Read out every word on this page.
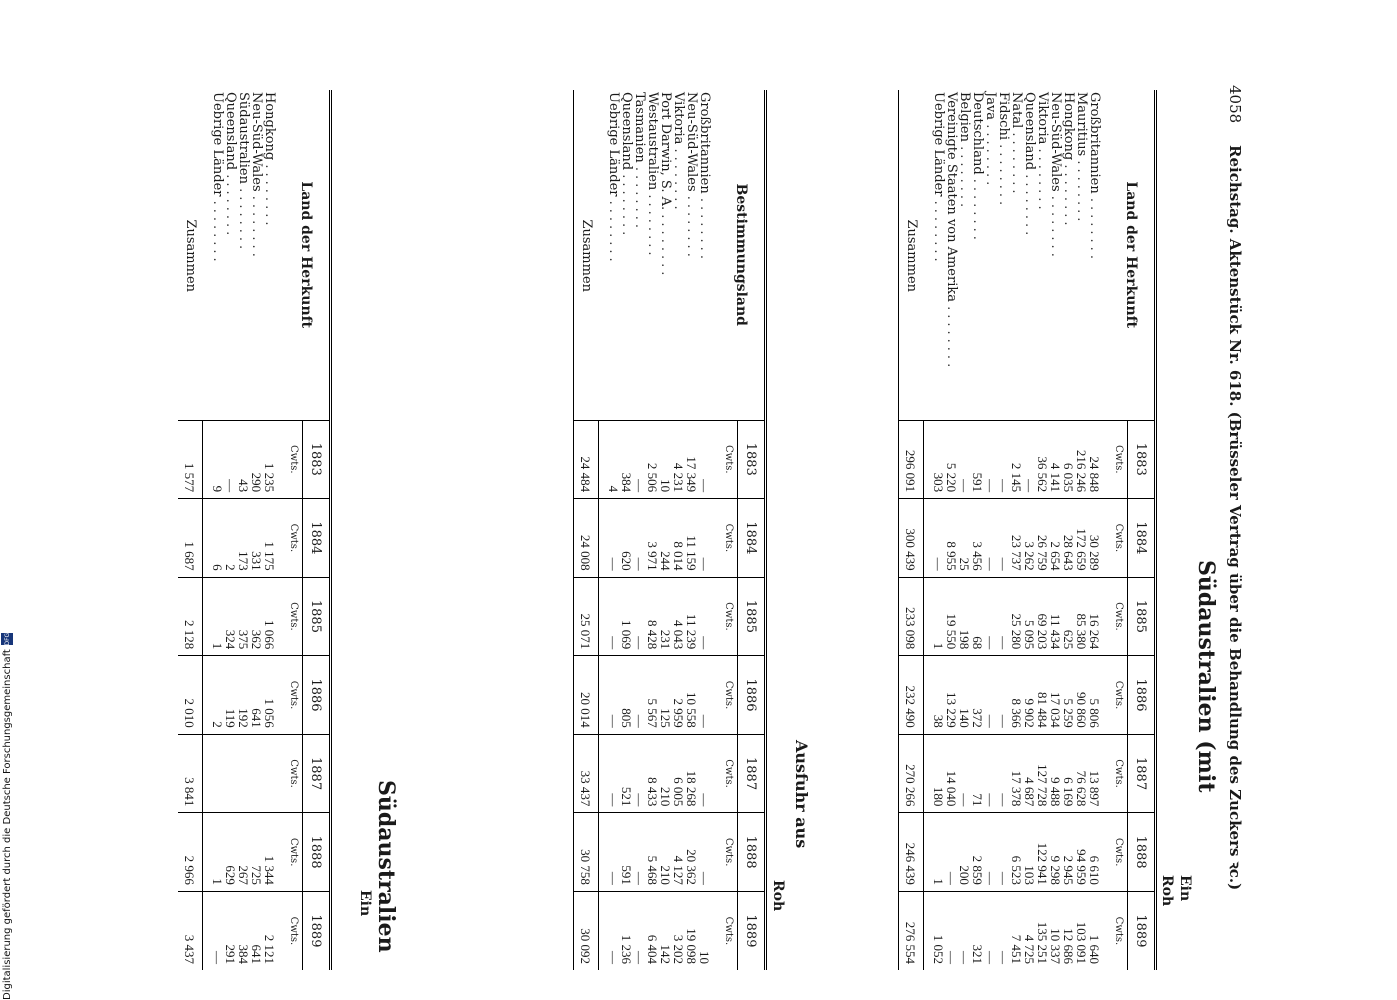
4058
Reichstag. Aktenstück Nr. 618. (Brüsseler Vertrag über die Behandlung des Zuckers ꝛc.)
Südaustralien (mit
Ein
Roh
Land der Herkunft	1883	1884	1885	1886	1887	1888	1889
	Cwts.	Cwts.	Cwts.	Cwts.	Cwts.	Cwts.	Cwts.

Großbritannien ........	24 848	30 289	16 264	5 806	13 897	6 610	1 640
Mauritius ........	216 246	172 659	85 380	90 860	76 628	94 959	103 091
Hongkong ........	6 035	28 643	625	5 259	6 169	2 945	12 686
Neu-Süd-Wales ........	4 141	2 654	11 434	17 034	9 488	9 298	10 337
Viktoria ........	36 562	26 759	69 203	81 484	127 728	122 941	135 251
Queensland ........	—	3 262	5 095	9 902	4 687	103	4 725
Natal ........	2 145	23 737	25 280	8 366	17 378	6 523	7 451
Fidschi ........	—	—	—	—	—	—	—
Java ........	—	—	—	—	—	—	—
Deutschland ........	591	3 456	68	372	71	2 859	321
Belgien ........	—	25	198	140	—	200	—
Vereinigte Staaten von Amerika ........	5 220	8 955	19 550	13 229	14 040	—	—
Uebrige Länder ........	303	—	1	38	180	1	1 052

Zusammen	296 091	300 439	233 098	232 490	270 266	246 439	276 554
Ausfuhr aus
Roh
Bestimmungsland	1883	1884	1885	1886	1887	1888	1889
	Cwts.	Cwts.	Cwts.	Cwts.	Cwts.	Cwts.	Cwts.

Großbritannien ........	—	—	—	—	—	—	10
Neu-Süd-Wales ........	17 349	11 159	11 239	10 558	18 268	20 362	19 098
Viktoria ........	4 231	8 014	4 043	2 959	6 005	4 127	3 202
Port Darwin, S. A. ........	10	244	231	125	210	210	142
Westaustralien ........	2 506	3 971	8 428	5 567	8 433	5 468	6 404
Tasmanien ........	—	—	—	—	—	—	—
Queensland ........	384	620	1 069	805	521	591	1 236
Uebrige Länder ........	4	—	—	—	—	—	—

Zusammen	24 484	24 008	25 071	20 014	33 437	30 758	30 092
Südaustralien
Ein
Land der Herkunft	1883	1884	1885	1886	1887	1888	1889
	Cwts.	Cwts.	Cwts.	Cwts.	Cwts.	Cwts.	Cwts.

Hongkong ........	1 235	1 175	1 066	1 056		1 344	2 121
Neu-Süd-Wales ........	290	331	362	641		725	641
Südaustralien ........	43	173	375	192		267	384
Queensland ........	—	2	324	119		629	291
Uebrige Länder ........	9	6	1	2		1	—

Zusammen	1 577	1 687	2 128	2 010	3 841	2 966	3 437
Digitalisierung gefördert durch die Deutsche Forschungsgemeinschaft
DFG
